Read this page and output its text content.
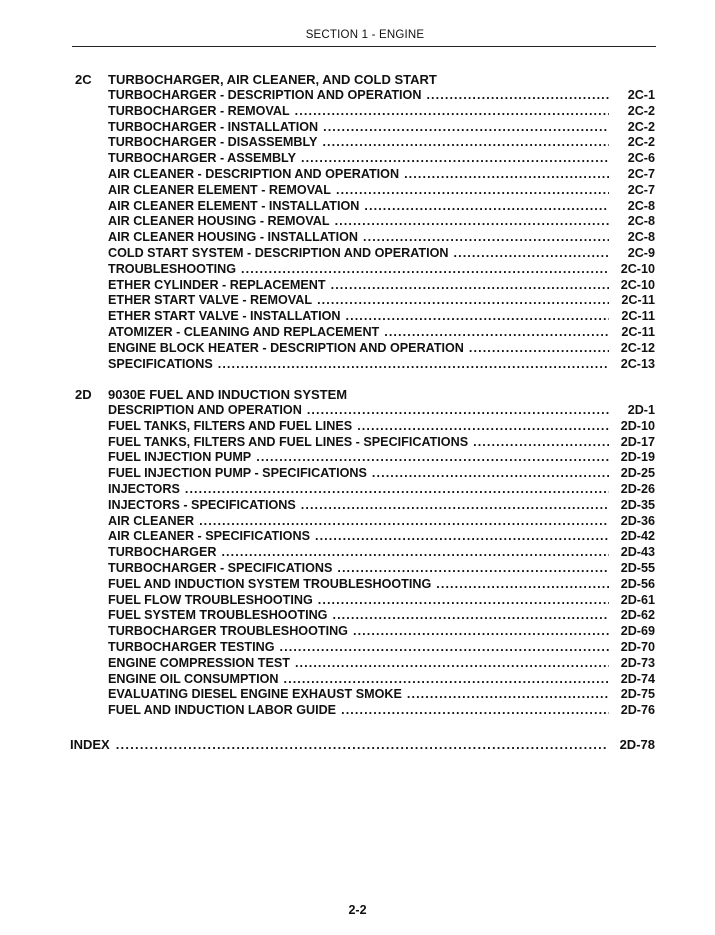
SECTION 1 - ENGINE
2C	TURBOCHARGER, AIR CLEANER, AND COLD START
TURBOCHARGER - DESCRIPTION AND OPERATION . . .	2C-1
TURBOCHARGER - REMOVAL . . .	2C-2
TURBOCHARGER - INSTALLATION . . .	2C-2
TURBOCHARGER - DISASSEMBLY . . .	2C-2
TURBOCHARGER - ASSEMBLY . . .	2C-6
AIR CLEANER - DESCRIPTION AND OPERATION . . .	2C-7
AIR CLEANER ELEMENT - REMOVAL . . .	2C-7
AIR CLEANER ELEMENT - INSTALLATION . . .	2C-8
AIR CLEANER HOUSING - REMOVAL . . .	2C-8
AIR CLEANER HOUSING - INSTALLATION . . .	2C-8
COLD START SYSTEM - DESCRIPTION AND OPERATION . . .	2C-9
TROUBLESHOOTING . . .	2C-10
ETHER CYLINDER - REPLACEMENT . . .	2C-10
ETHER START VALVE - REMOVAL . . .	2C-11
ETHER START VALVE - INSTALLATION . . .	2C-11
ATOMIZER - CLEANING AND REPLACEMENT . . .	2C-11
ENGINE BLOCK HEATER - DESCRIPTION AND OPERATION . . .	2C-12
SPECIFICATIONS . . .	2C-13
2D	9030E FUEL AND INDUCTION SYSTEM
DESCRIPTION AND OPERATION . . .	2D-1
FUEL TANKS, FILTERS AND FUEL LINES . . .	2D-10
FUEL TANKS, FILTERS AND FUEL LINES - SPECIFICATIONS . . .	2D-17
FUEL INJECTION PUMP . . .	2D-19
FUEL INJECTION PUMP - SPECIFICATIONS . . .	2D-25
INJECTORS . . .	2D-26
INJECTORS - SPECIFICATIONS . . .	2D-35
AIR CLEANER . . .	2D-36
AIR CLEANER - SPECIFICATIONS . . .	2D-42
TURBOCHARGER . . .	2D-43
TURBOCHARGER - SPECIFICATIONS . . .	2D-55
FUEL AND INDUCTION SYSTEM TROUBLESHOOTING . . .	2D-56
FUEL FLOW TROUBLESHOOTING . . .	2D-61
FUEL SYSTEM TROUBLESHOOTING . . .	2D-62
TURBOCHARGER TROUBLESHOOTING . . .	2D-69
TURBOCHARGER TESTING . . .	2D-70
ENGINE COMPRESSION TEST . . .	2D-73
ENGINE OIL CONSUMPTION . . .	2D-74
EVALUATING DIESEL ENGINE EXHAUST SMOKE . . .	2D-75
FUEL AND INDUCTION LABOR GUIDE . . .	2D-76
INDEX . . .	2D-78
2-2
